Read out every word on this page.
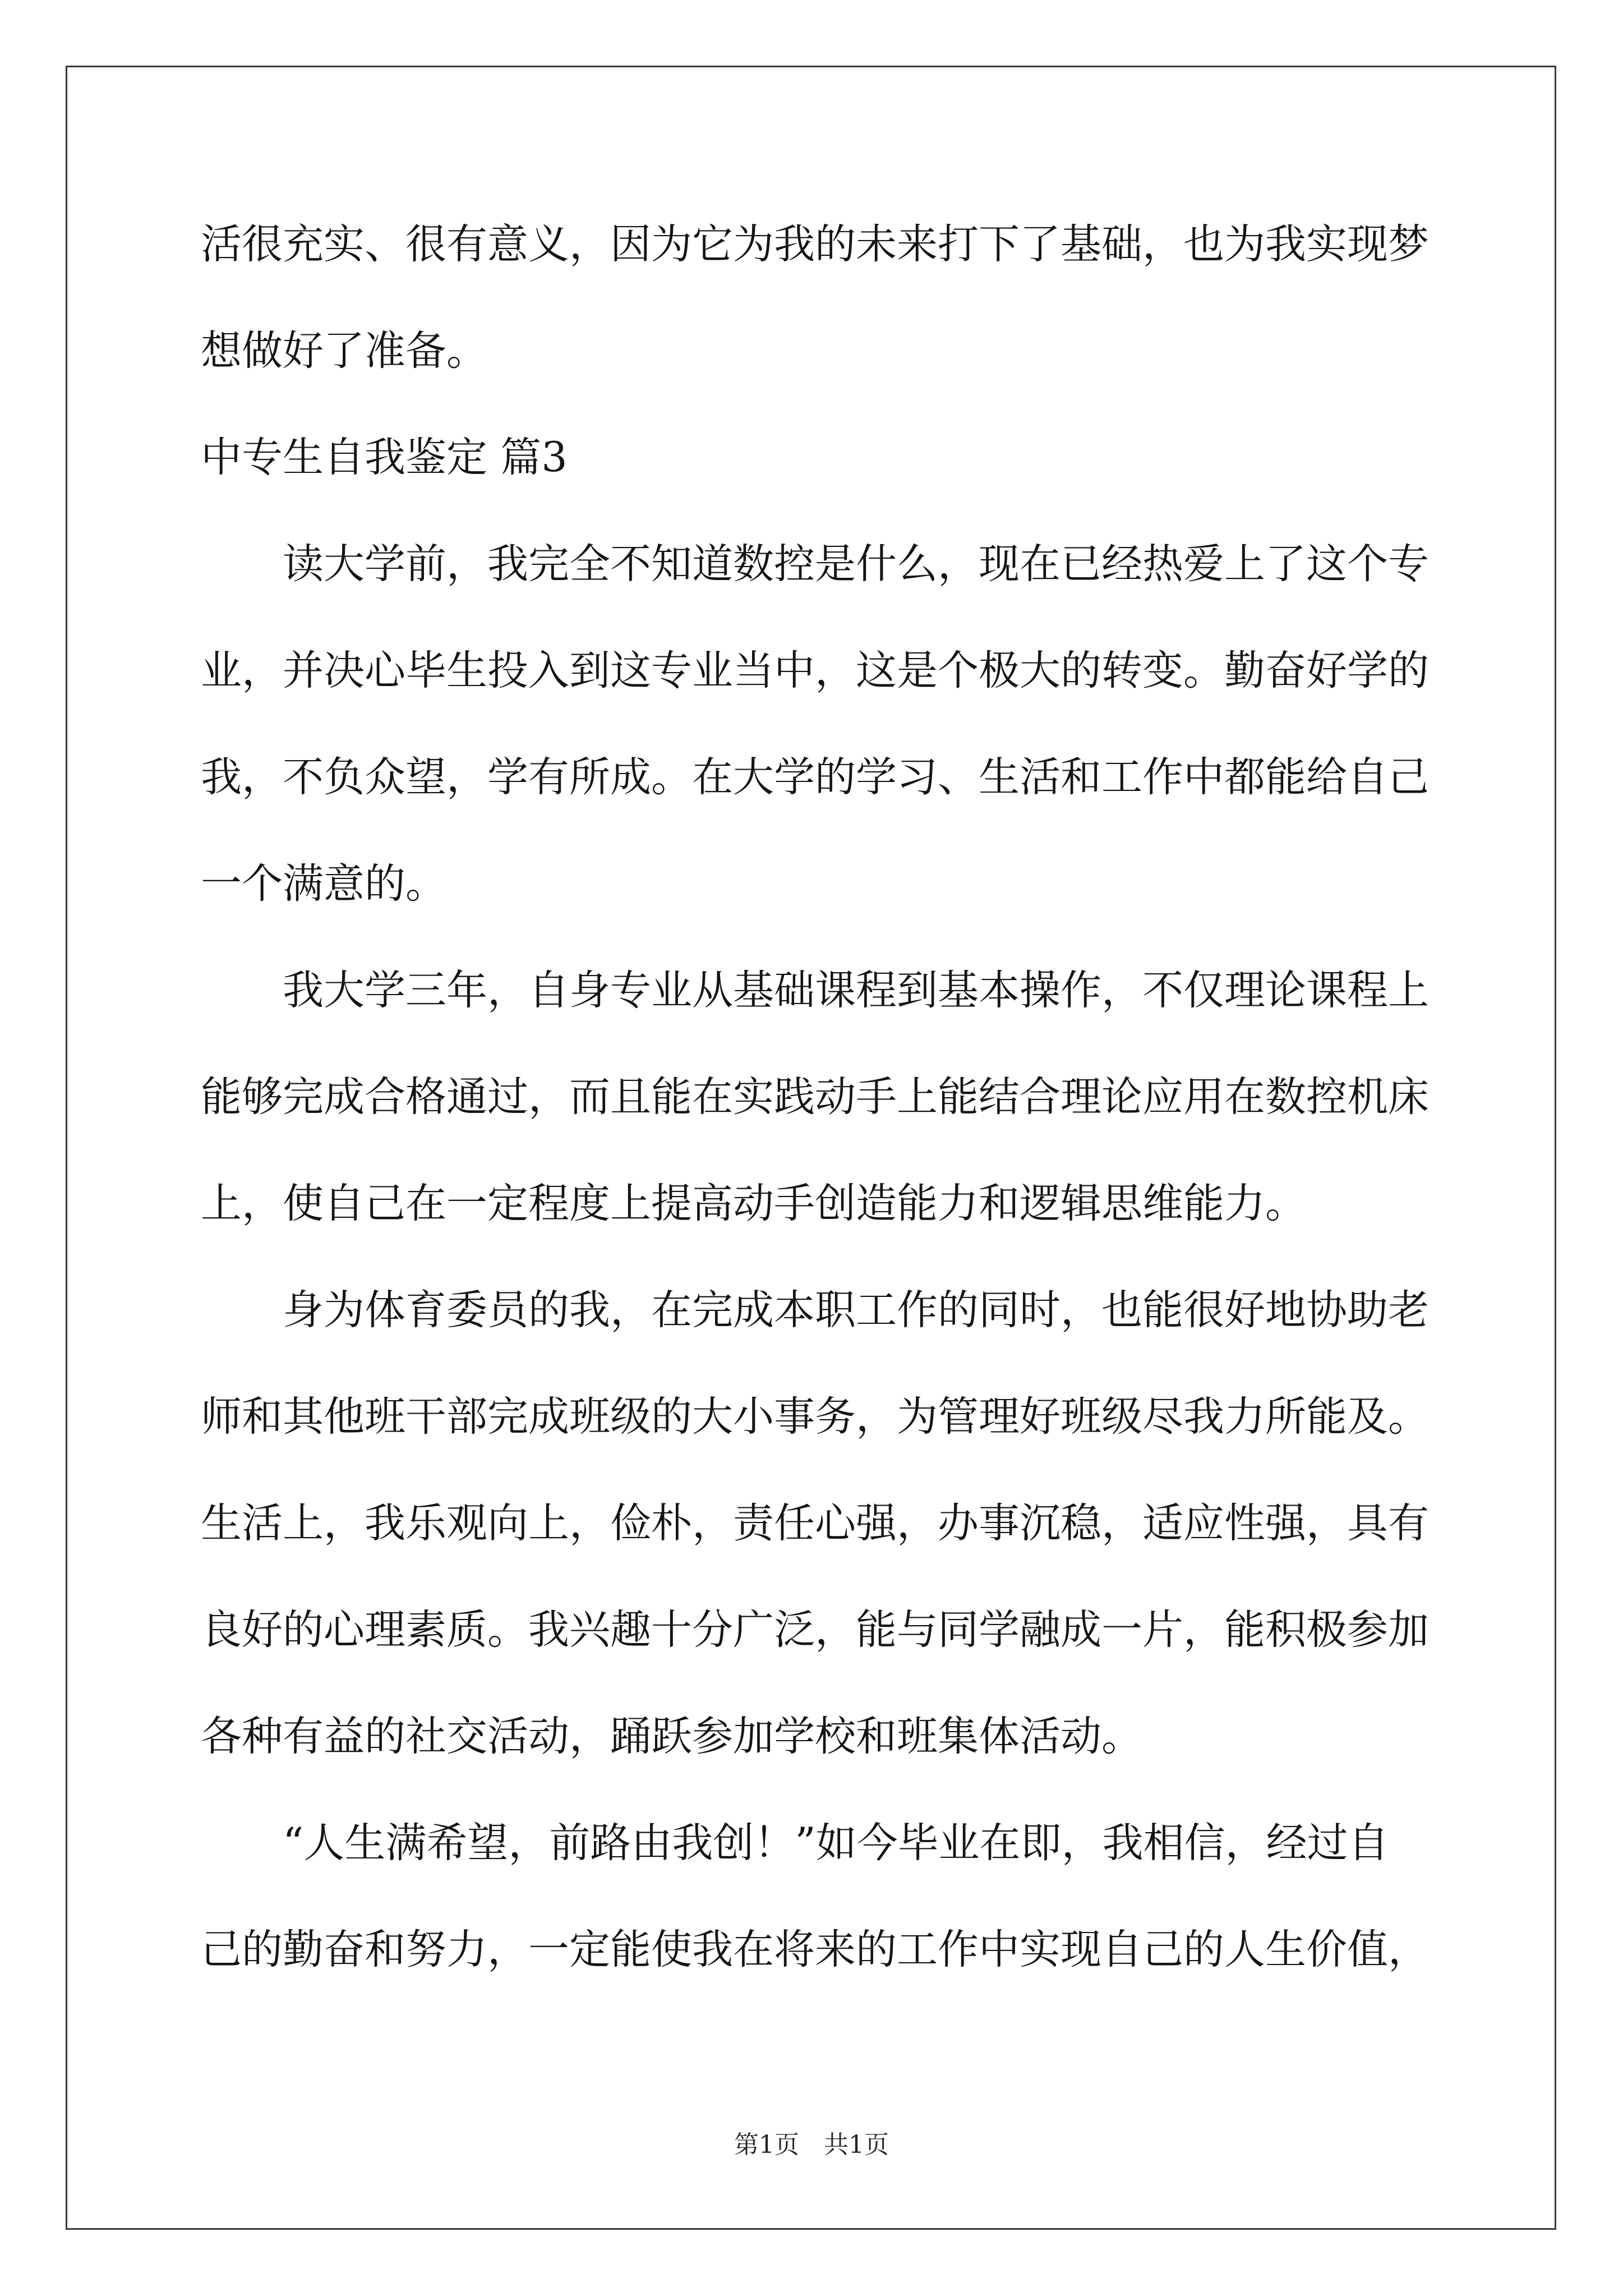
活很充实、很有意义，因为它为我的未来打下了基础，也为我实现梦
想做好了准备。
中专生自我鉴定 篇3
读大学前，我完全不知道数控是什么，现在已经热爱上了这个专
业，并决心毕生投入到这专业当中，这是个极大的转变。勤奋好学的
我，不负众望，学有所成。在大学的学习、生活和工作中都能给自己
一个满意的。
我大学三年，自身专业从基础课程到基本操作，不仅理论课程上
能够完成合格通过，而且能在实践动手上能结合理论应用在数控机床
上，使自己在一定程度上提高动手创造能力和逻辑思维能力。
身为体育委员的我，在完成本职工作的同时，也能很好地协助老
师和其他班干部完成班级的大小事务，为管理好班级尽我力所能及。
生活上，我乐观向上，俭朴，责任心强，办事沉稳，适应性强，具有
良好的心理素质。我兴趣十分广泛，能与同学融成一片，能积极参加
各种有益的社交活动，踊跃参加学校和班集体活动。
“人生满希望，前路由我创！”如今毕业在即，我相信，经过自
己的勤奋和努力，一定能使我在将来的工作中实现自己的人生价值，
第1页 共1页
